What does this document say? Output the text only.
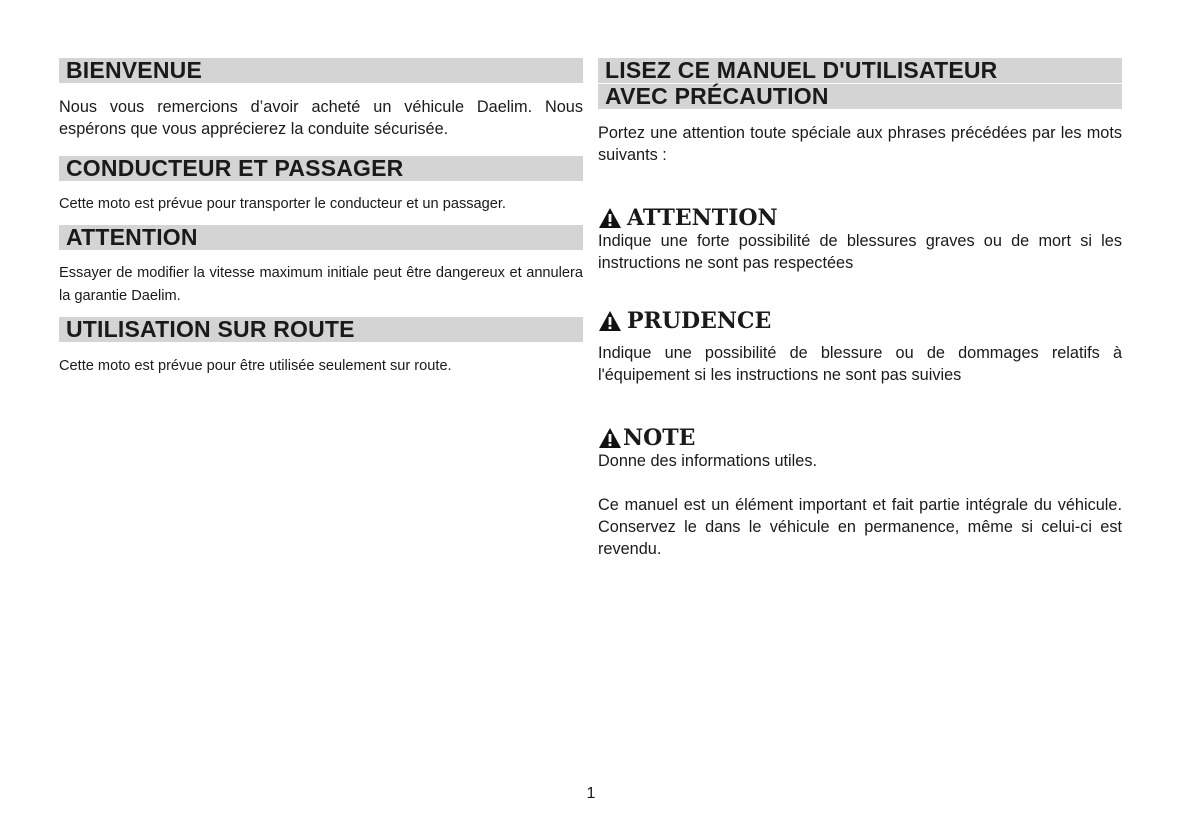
BIENVENUE

Nous vous remercions d’avoir acheté un véhicule Daelim. Nous espérons que vous apprécierez la conduite sécurisée.

CONDUCTEUR ET PASSAGER

Cette moto est prévue pour transporter le conducteur et un passager.

ATTENTION

Essayer de modifier la vitesse maximum initiale peut être dangereux et annulera la garantie Daelim.

UTILISATION SUR ROUTE

Cette moto est prévue pour être utilisée seulement sur route.

LISEZ CE MANUEL D'UTILISATEUR
AVEC PRÉCAUTION

Portez une attention toute spéciale aux phrases précédées par les mots suivants :

ATTENTION

Indique une forte possibilité de blessures graves ou de mort si les instructions ne sont pas respectées

PRUDENCE

Indique une possibilité de blessure ou de dommages relatifs à l'équipement si les instructions ne sont pas suivies

NOTE

Donne des informations utiles.

Ce manuel est un élément important et fait partie intégrale du véhicule. Conservez le dans le véhicule en permanence, même si celui-ci est revendu.

1
